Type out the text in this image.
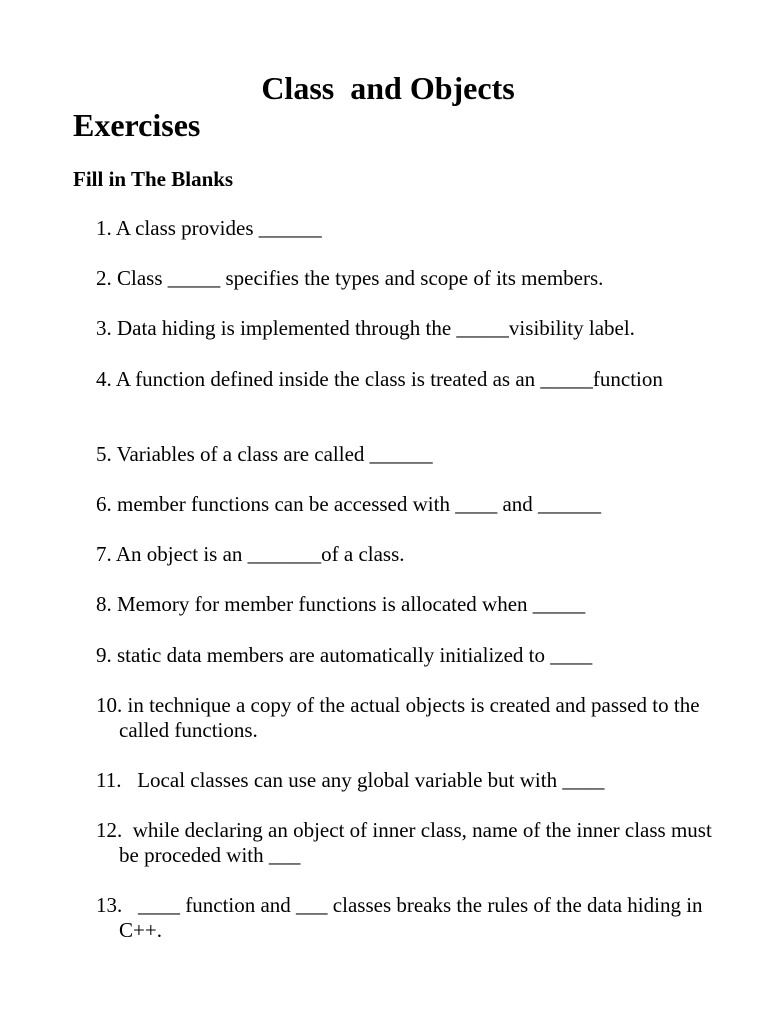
Class  and Objects
Exercises
Fill in The Blanks
1. A class provides ______
2. Class _____ specifies the types and scope of its members.
3. Data hiding is implemented through the _____visibility label.
4. A function defined inside the class is treated as an _____function
5. Variables of a class are called ______
6. member functions can be accessed with ____ and ______
7. An object is an _______of a class.
8. Memory for member functions is allocated when _____
9. static data members are automatically initialized to ____
10. in technique a copy of the actual objects is created and passed to the called functions.
11.   Local classes can use any global variable but with ____
12.  while declaring an object of inner class, name of the inner class must be proceded with ___
13.   ____ function and ___ classes breaks the rules of the data hiding in C++.
